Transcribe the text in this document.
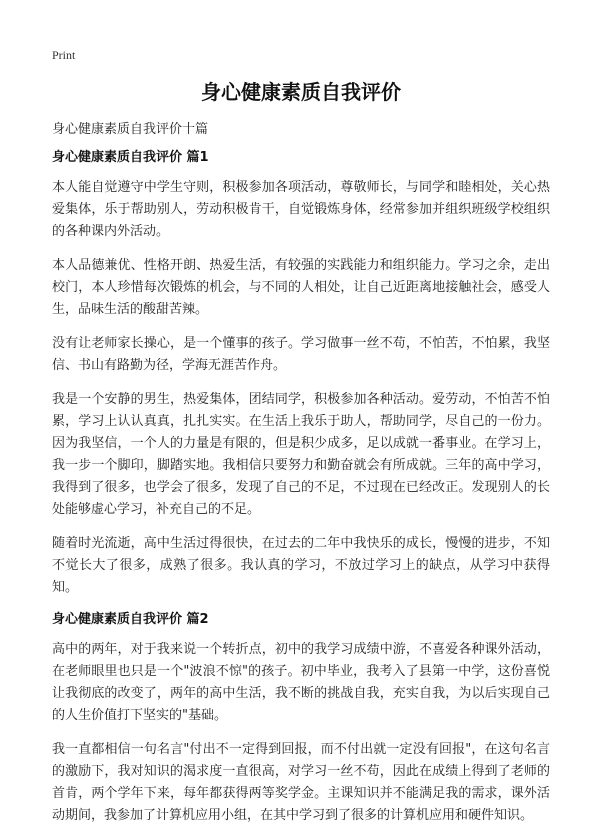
Print
身心健康素质自我评价
身心健康素质自我评价十篇
身心健康素质自我评价 篇1

本人能自觉遵守中学生守则，积极参加各项活动，尊敬师长，与同学和睦相处，关心热爱集体，乐于帮助别人，劳动积极肯干，自觉锻炼身体，经常参加并组织班级学校组织的各种课内外活动。

本人品德兼优、性格开朗、热爱生活，有较强的实践能力和组织能力。学习之余，走出校门，本人珍惜每次锻炼的机会，与不同的人相处，让自己近距离地接触社会，感受人生，品味生活的酸甜苦辣。

没有让老师家长操心，是一个懂事的孩子。学习做事一丝不苟，不怕苦，不怕累，我坚信、书山有路勤为径，学海无涯苦作舟。

我是一个安静的男生，热爱集体，团结同学，积极参加各种活动。爱劳动，不怕苦不怕累，学习上认认真真，扎扎实实。在生活上我乐于助人，帮助同学，尽自己的一份力。因为我坚信，一个人的力量是有限的，但是积少成多，足以成就一番事业。在学习上，我一步一个脚印，脚踏实地。我相信只要努力和勤奋就会有所成就。三年的高中学习，我得到了很多，也学会了很多，发现了自己的不足，不过现在已经改正。发现别人的长处能够虚心学习，补充自己的不足。

随着时光流逝，高中生活过得很快，在过去的二年中我快乐的成长，慢慢的进步，不知不觉长大了很多，成熟了很多。我认真的学习，不放过学习上的缺点，从学习中获得知。

身心健康素质自我评价 篇2

高中的两年，对于我来说一个转折点，初中的我学习成绩中游，不喜爱各种课外活动，在老师眼里也只是一个"波浪不惊"的孩子。初中毕业，我考入了县第一中学，这份喜悦让我彻底的改变了，两年的高中生活，我不断的挑战自我，充实自我，为以后实现自己的人生价值打下坚实的"基础。

我一直都相信一句名言"付出不一定得到回报，而不付出就一定没有回报"，在这句名言的激励下，我对知识的渴求度一直很高，对学习一丝不苟，因此在成绩上得到了老师的首肯，两个学年下来，每年都获得两等奖学金。主课知识并不能满足我的需求，课外活动期间，我参加了计算机应用小组，在其中学习到了很多的计算机应用和硬件知识。
